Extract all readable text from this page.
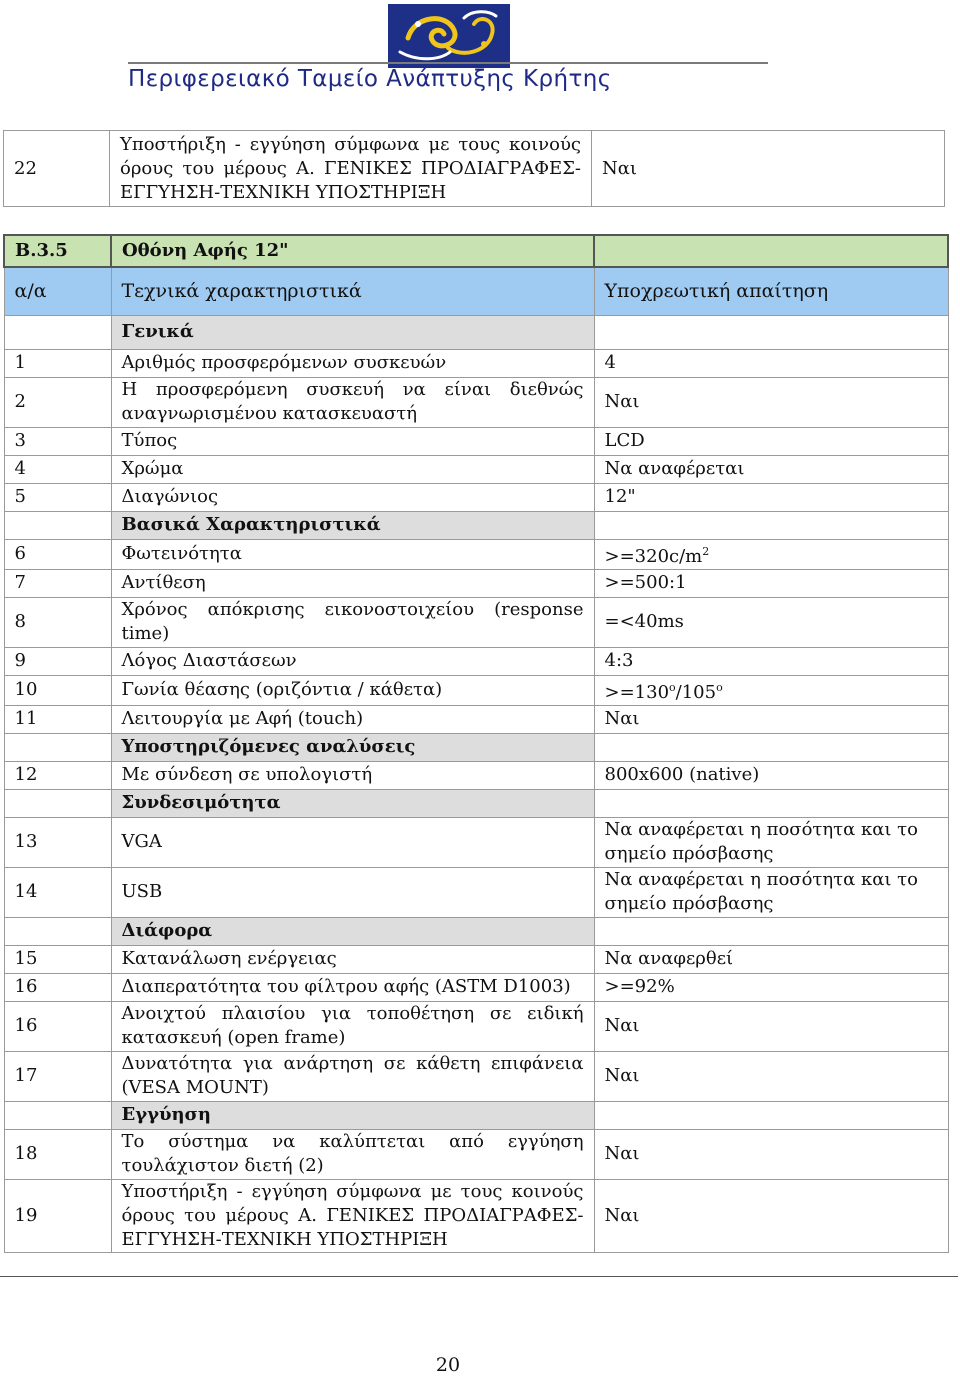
Περιφερειακό Ταμείο Ανάπτυξης Κρήτης
22	Υποστήριξη - εγγύηση σύμφωνα με τους κοινούς όρους του μέρους Α. ΓΕΝΙΚΕΣ ΠΡΟΔΙΑΓΡΑΦΕΣ-ΕΓΓΥΗΣΗ-ΤΕΧΝΙΚΗ ΥΠΟΣΤΗΡΙΞΗ	Ναι
Β.3.5	Οθόνη Αφής 12"	
α/α	Τεχνικά χαρακτηριστικά	Υποχρεωτική απαίτηση
	Γενικά	
1	Αριθμός προσφερόμενων συσκευών	4
2	Η προσφερόμενη συσκευή να είναι διεθνώς αναγνωρισμένου κατασκευαστή	Ναι
3	Τύπος	LCD
4	Χρώμα	Να αναφέρεται
5	Διαγώνιος	12"
	Βασικά Χαρακτηριστικά	
6	Φωτεινότητα	$>=320c/m^2$
7	Αντίθεση	>=500:1
8	Χρόνος απόκρισης εικονοστοιχείου (response time)	=<40ms
9	Λόγος Διαστάσεων	4:3
10	Γωνία θέασης (οριζόντια / κάθετα)	$>=130^o/105^o$
11	Λειτουργία με Αφή (touch)	Ναι
	Υποστηριζόμενες αναλύσεις	
12	Με σύνδεση σε υπολογιστή	800x600 (native)
	Συνδεσιμότητα	
13	VGA	Να αναφέρεται η ποσότητα και το σημείο πρόσβασης
14	USB	Να αναφέρεται η ποσότητα και το σημείο πρόσβασης
	Διάφορα	
15	Κατανάλωση ενέργειας	Να αναφερθεί
16	Διαπερατότητα του φίλτρου αφής (ASTM D1003)	>=92%
16	Ανοιχτού πλαισίου για τοποθέτηση σε ειδική κατασκευή (open frame)	Ναι
17	Δυνατότητα για ανάρτηση σε κάθετη επιφάνεια (VESA MOUNT)	Ναι
	Εγγύηση	
18	Το σύστημα να καλύπτεται από εγγύηση τουλάχιστον διετή (2)	Ναι
19	Υποστήριξη - εγγύηση σύμφωνα με τους κοινούς όρους του μέρους Α. ΓΕΝΙΚΕΣ ΠΡΟΔΙΑΓΡΑΦΕΣ-ΕΓΓΥΗΣΗ-ΤΕΧΝΙΚΗ ΥΠΟΣΤΗΡΙΞΗ	Ναι
20
